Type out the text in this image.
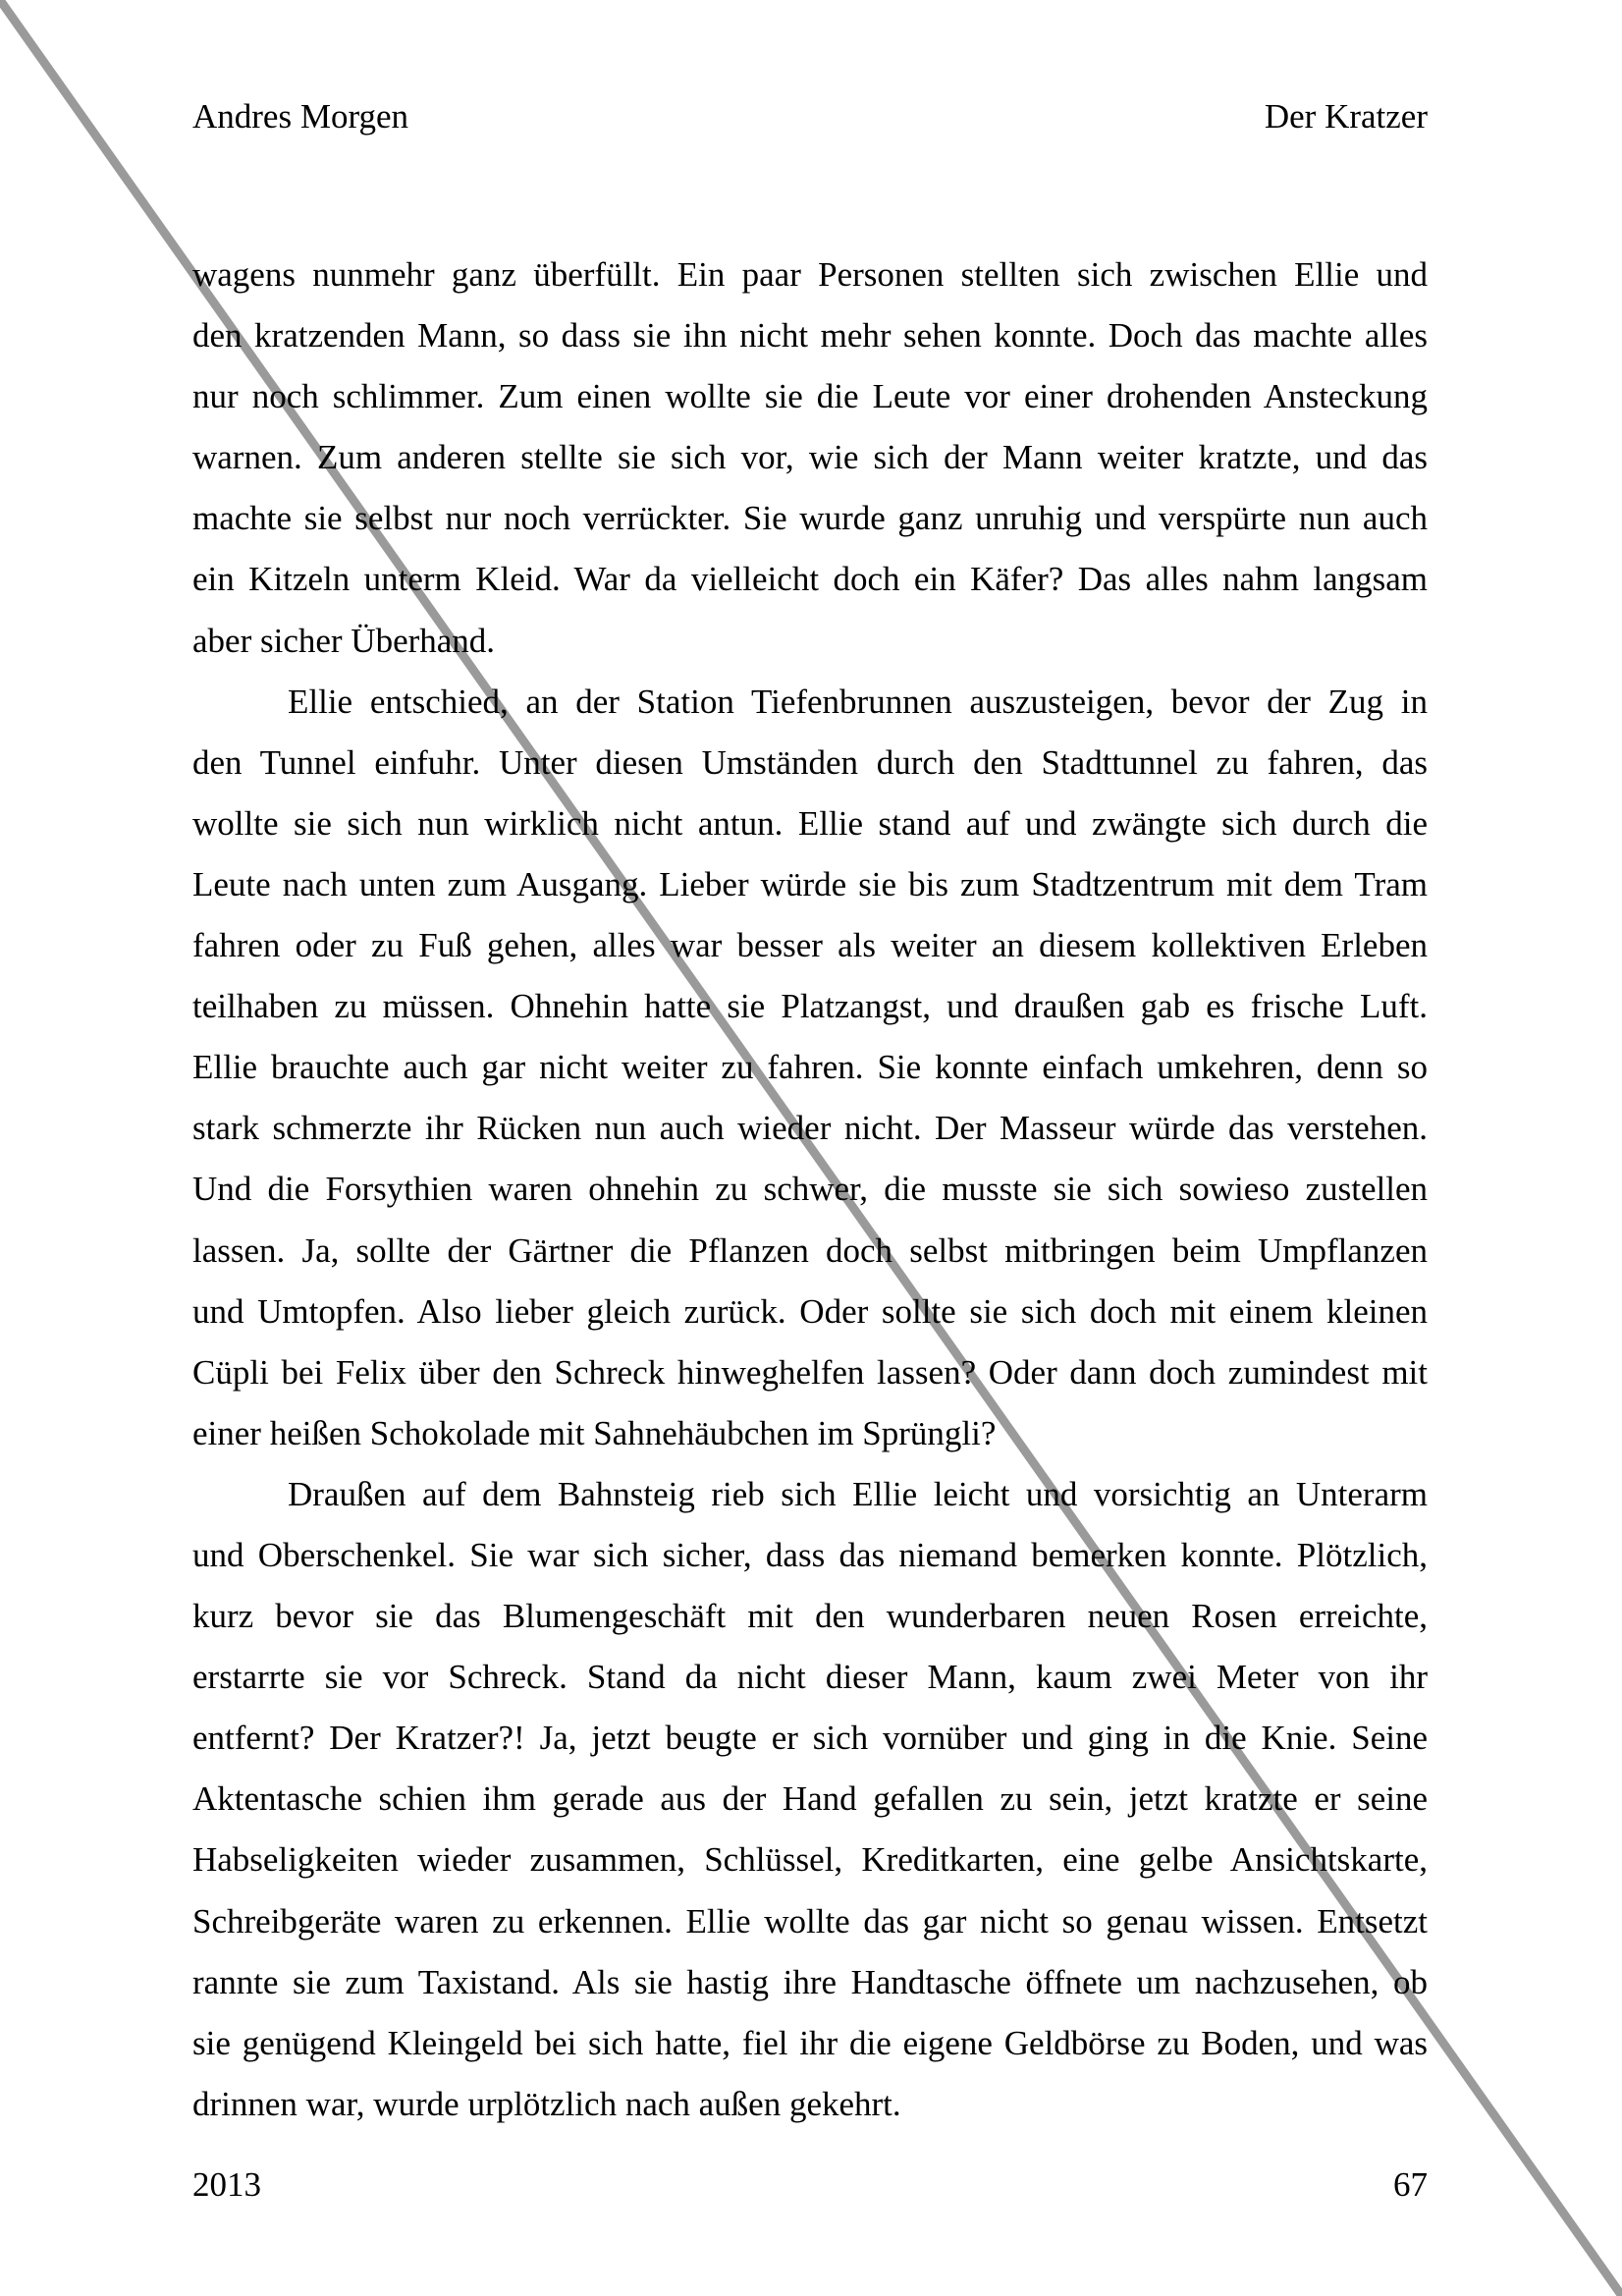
Andres Morgen	Der Kratzer
wagens nunmehr ganz überfüllt. Ein paar Personen stellten sich zwischen Ellie und
den kratzenden Mann, so dass sie ihn nicht mehr sehen konnte. Doch das machte alles
nur noch schlimmer. Zum einen wollte sie die Leute vor einer drohenden Ansteckung
warnen. Zum anderen stellte sie sich vor, wie sich der Mann weiter kratzte, und das
machte sie selbst nur noch verrückter. Sie wurde ganz unruhig und verspürte nun auch
ein Kitzeln unterm Kleid. War da vielleicht doch ein Käfer? Das alles nahm langsam
aber sicher Überhand.
Ellie entschied, an der Station Tiefenbrunnen auszusteigen, bevor der Zug in
den Tunnel einfuhr. Unter diesen Umständen durch den Stadttunnel zu fahren, das
wollte sie sich nun wirklich nicht antun. Ellie stand auf und zwängte sich durch die
Leute nach unten zum Ausgang. Lieber würde sie bis zum Stadtzentrum mit dem Tram
fahren oder zu Fuß gehen, alles war besser als weiter an diesem kollektiven Erleben
teilhaben zu müssen. Ohnehin hatte sie Platzangst, und draußen gab es frische Luft.
Ellie brauchte auch gar nicht weiter zu fahren. Sie konnte einfach umkehren, denn so
stark schmerzte ihr Rücken nun auch wieder nicht. Der Masseur würde das verstehen.
Und die Forsythien waren ohnehin zu schwer, die musste sie sich sowieso zustellen
lassen. Ja, sollte der Gärtner die Pflanzen doch selbst mitbringen beim Umpflanzen
und Umtopfen. Also lieber gleich zurück. Oder sollte sie sich doch mit einem kleinen
Cüpli bei Felix über den Schreck hinweghelfen lassen? Oder dann doch zumindest mit
einer heißen Schokolade mit Sahnehäubchen im Sprüngli?
Draußen auf dem Bahnsteig rieb sich Ellie leicht und vorsichtig an Unterarm
und Oberschenkel. Sie war sich sicher, dass das niemand bemerken konnte. Plötzlich,
kurz bevor sie das Blumengeschäft mit den wunderbaren neuen Rosen erreichte,
erstarrte sie vor Schreck. Stand da nicht dieser Mann, kaum zwei Meter von ihr
entfernt? Der Kratzer?! Ja, jetzt beugte er sich vornüber und ging in die Knie. Seine
Aktentasche schien ihm gerade aus der Hand gefallen zu sein, jetzt kratzte er seine
Habseligkeiten wieder zusammen, Schlüssel, Kreditkarten, eine gelbe Ansichtskarte,
Schreibgeräte waren zu erkennen. Ellie wollte das gar nicht so genau wissen. Entsetzt
rannte sie zum Taxistand. Als sie hastig ihre Handtasche öffnete um nachzusehen, ob
sie genügend Kleingeld bei sich hatte, fiel ihr die eigene Geldbörse zu Boden, und was
drinnen war, wurde urplötzlich nach außen gekehrt.
2013	67
